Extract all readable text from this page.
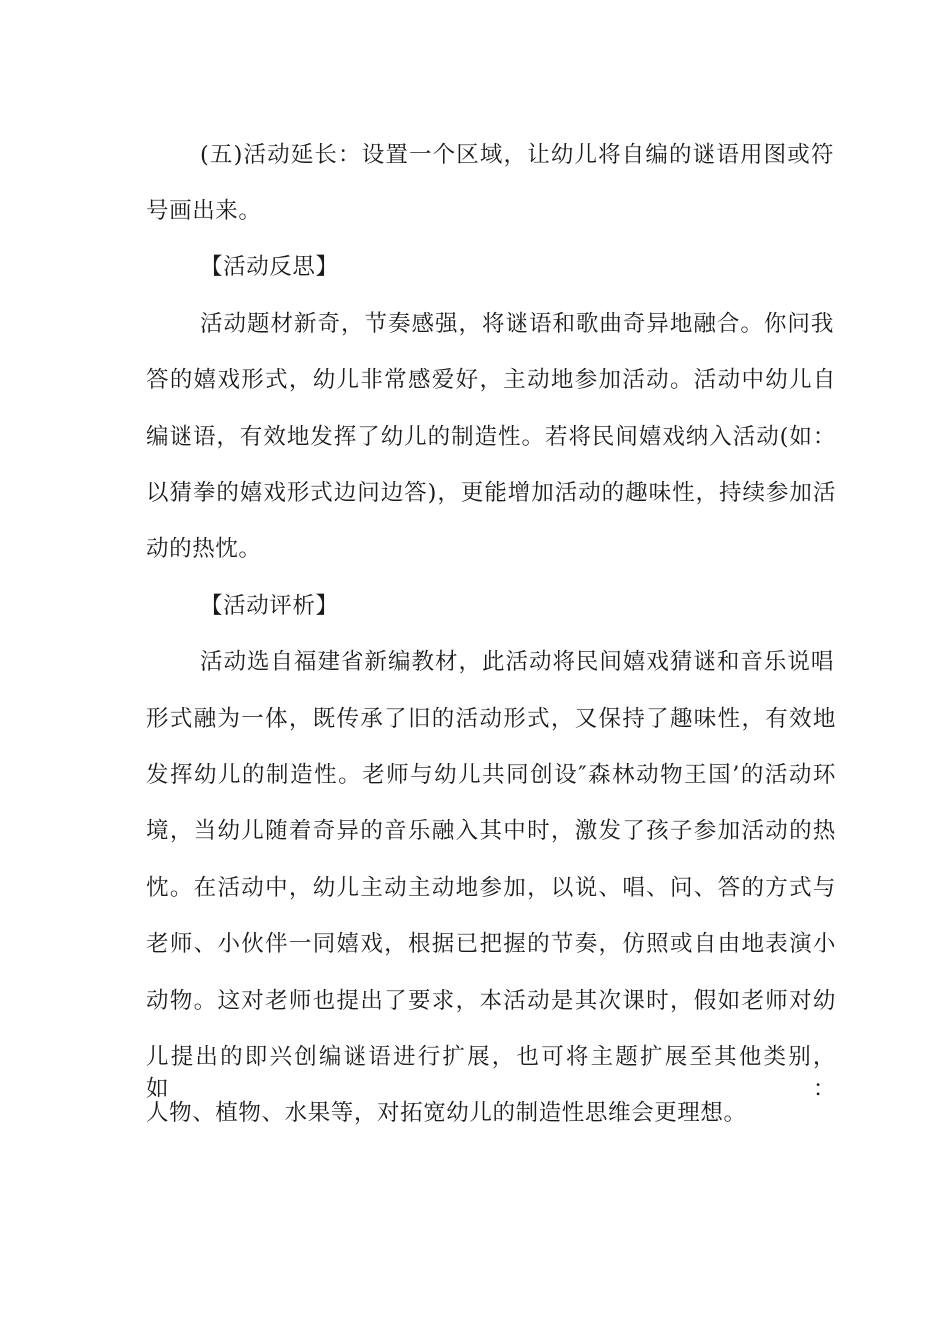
(五)活动延长：设置一个区域，让幼儿将自编的谜语用图或符
号画出来。
【活动反思】
活动题材新奇，节奏感强，将谜语和歌曲奇异地融合。你问我
答的嬉戏形式，幼儿非常感爱好，主动地参加活动。活动中幼儿自
编谜语，有效地发挥了幼儿的制造性。若将民间嬉戏纳入活动(如：
以猜拳的嬉戏形式边问边答)，更能增加活动的趣味性，持续参加活
动的热忱。
【活动评析】
活动选自福建省新编教材，此活动将民间嬉戏猜谜和音乐说唱
形式融为一体，既传承了旧的活动形式，又保持了趣味性，有效地
发挥幼儿的制造性。老师与幼儿共同创设″森林动物王国’的活动环
境，当幼儿随着奇异的音乐融入其中时，激发了孩子参加活动的热
忱。在活动中，幼儿主动主动地参加，以说、唱、问、答的方式与
老师、小伙伴一同嬉戏，根据已把握的节奏，仿照或自由地表演小
动物。这对老师也提出了要求，本活动是其次课时，假如老师对幼
儿提出的即兴创编谜语进行扩展，也可将主题扩展至其他类别，如：
人物、植物、水果等，对拓宽幼儿的制造性思维会更理想。
